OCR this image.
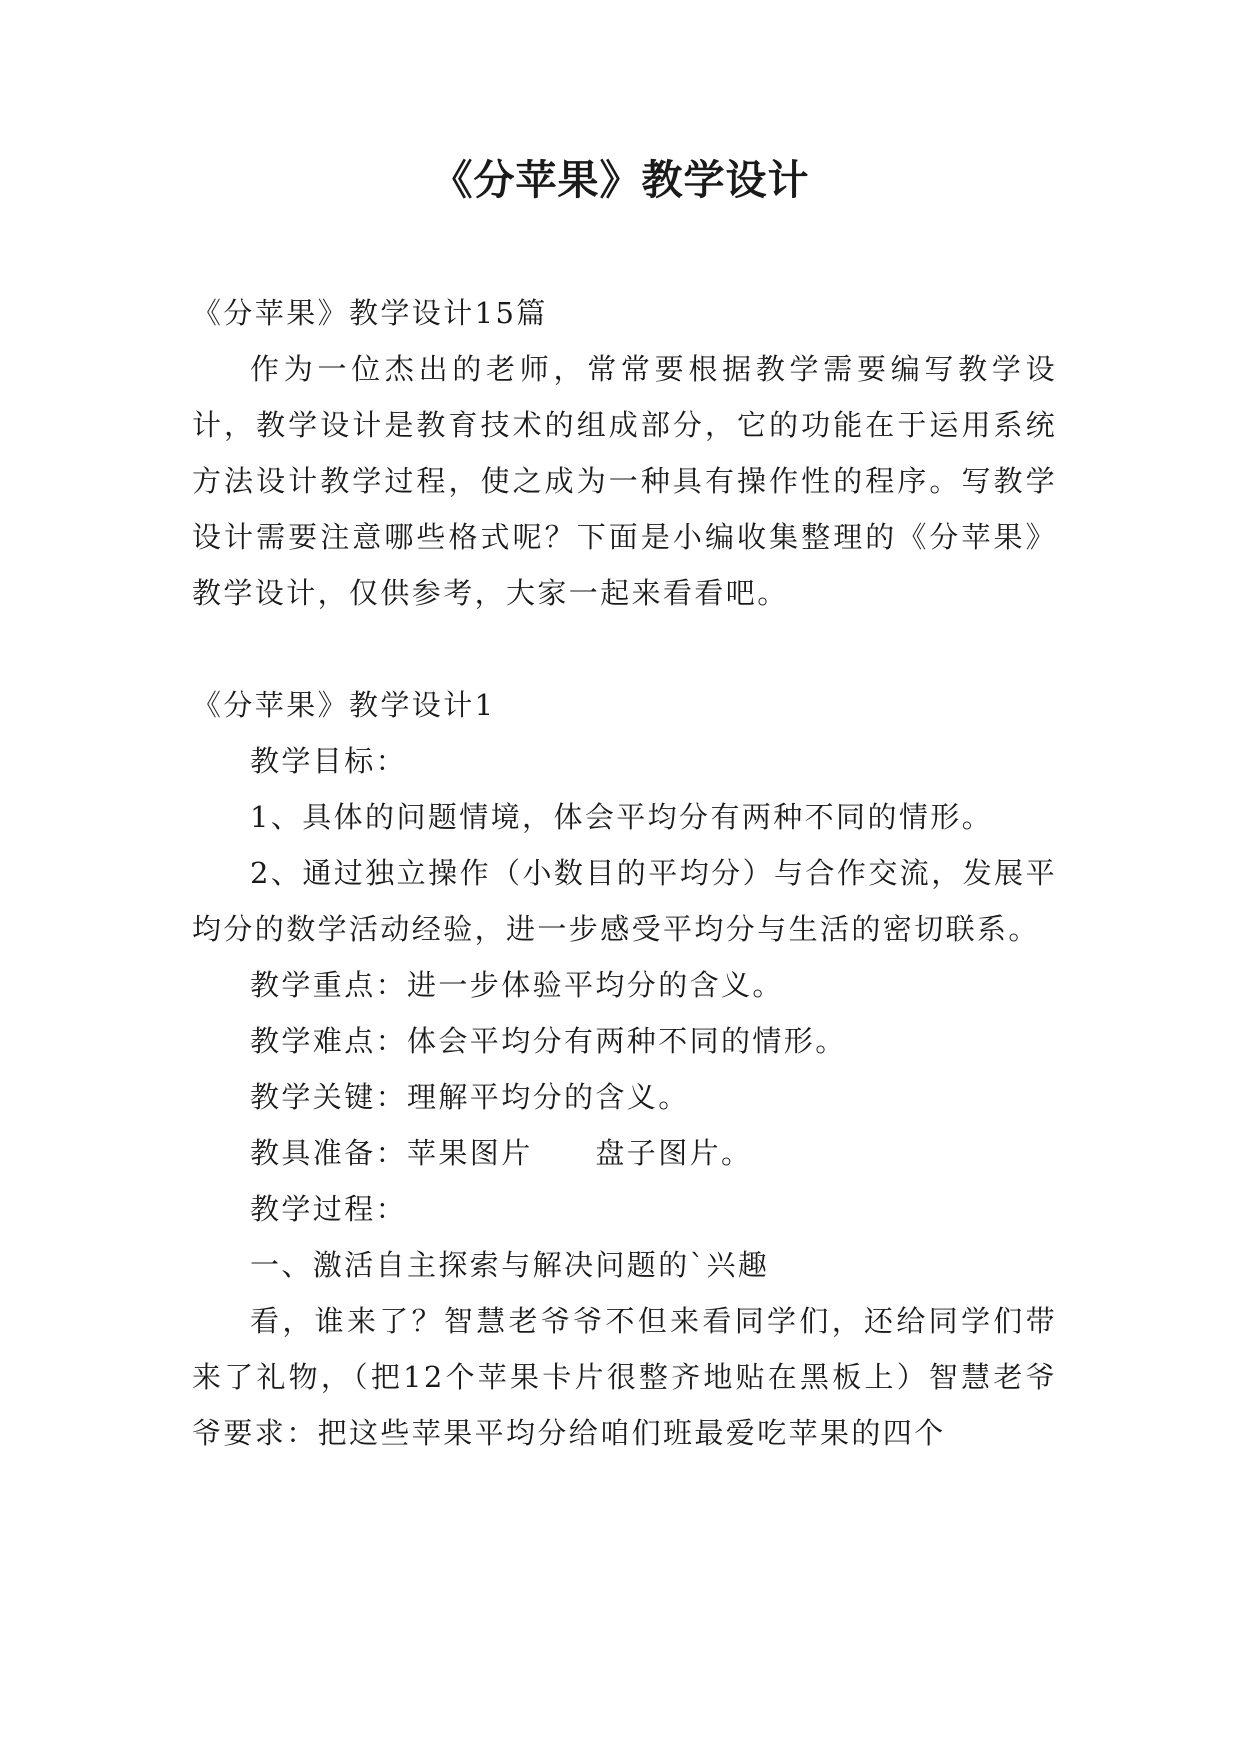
《分苹果》教学设计

《分苹果》教学设计15篇

作为一位杰出的老师，常常要根据教学需要编写教学设计，教学设计是教育技术的组成部分，它的功能在于运用系统方法设计教学过程，使之成为一种具有操作性的程序。写教学设计需要注意哪些格式呢？下面是小编收集整理的《分苹果》教学设计，仅供参考，大家一起来看看吧。

《分苹果》教学设计1

教学目标：

1、具体的问题情境，体会平均分有两种不同的情形。

2、通过独立操作（小数目的平均分）与合作交流，发展平均分的数学活动经验，进一步感受平均分与生活的密切联系。

教学重点：进一步体验平均分的含义。

教学难点：体会平均分有两种不同的情形。

教学关键：理解平均分的含义。

教具准备：苹果图片　　盘子图片。

教学过程：

一、激活自主探索与解决问题的`兴趣

看，谁来了？智慧老爷爷不但来看同学们，还给同学们带来了礼物，（把12个苹果卡片很整齐地贴在黑板上）智慧老爷爷要求：把这些苹果平均分给咱们班最爱吃苹果的四个
